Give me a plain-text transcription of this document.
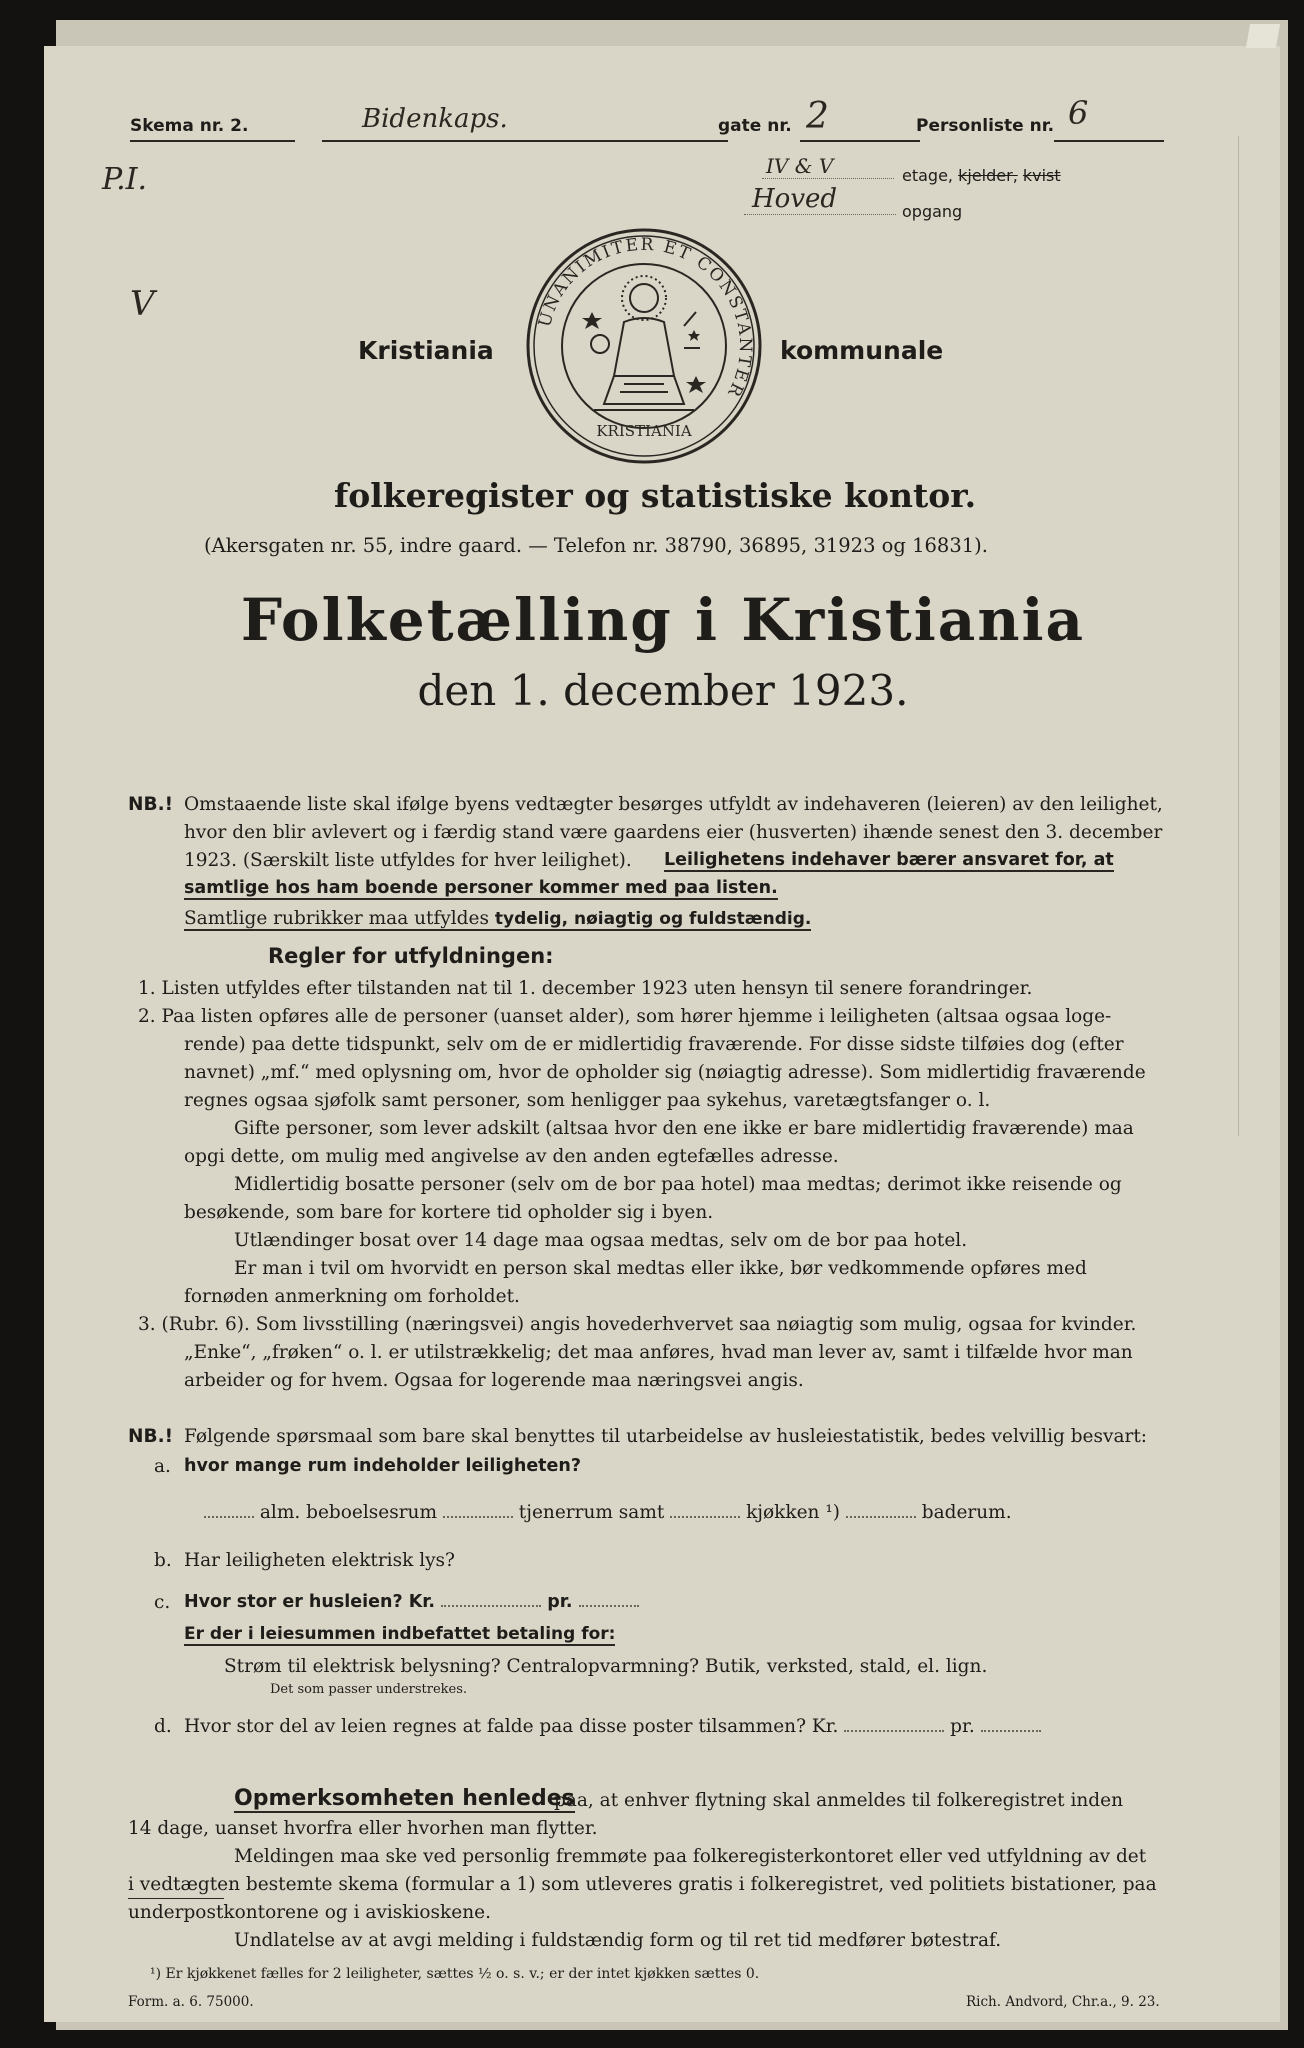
Skema nr. 2.	Bidenkaps.	gate nr. 2	Personliste nr. 6
P.I.
V
IV & V	etage, kjelder, kvist
Hoved	opgang
Kristiania	kommunale
UNANIMITER ET CONSTANTER
KRISTIANIA
folkeregister og statistiske kontor.
(Akersgaten nr. 55, indre gaard. — Telefon nr. 38790, 36895, 31923 og 16831).
Folketælling i Kristiania
den 1. december 1923.
NB.! Omstaaende liste skal ifølge byens vedtægter besørges utfyldt av indehaveren (leieren) av den leilighet,
hvor den blir avlevert og i færdig stand være gaardens eier (husverten) ihænde senest den 3. december
1923. (Særskilt liste utfyldes for hver leilighet). Leilighetens indehaver bærer ansvaret for, at
samtlige hos ham boende personer kommer med paa listen.
Samtlige rubrikker maa utfyldes tydelig, nøiagtig og fuldstændig.
Regler for utfyldningen:
1. Listen utfyldes efter tilstanden nat til 1. december 1923 uten hensyn til senere forandringer.
2. Paa listen opføres alle de personer (uanset alder), som hører hjemme i leiligheten (altsaa ogsaa loge-
rende) paa dette tidspunkt, selv om de er midlertidig fraværende. For disse sidste tilføies dog (efter
navnet) „mf.“ med oplysning om, hvor de opholder sig (nøiagtig adresse). Som midlertidig fraværende
regnes ogsaa sjøfolk samt personer, som henligger paa sykehus, varetægtsfanger o. l.
Gifte personer, som lever adskilt (altsaa hvor den ene ikke er bare midlertidig fraværende) maa
opgi dette, om mulig med angivelse av den anden egtefælles adresse.
Midlertidig bosatte personer (selv om de bor paa hotel) maa medtas; derimot ikke reisende og
besøkende, som bare for kortere tid opholder sig i byen.
Utlændinger bosat over 14 dage maa ogsaa medtas, selv om de bor paa hotel.
Er man i tvil om hvorvidt en person skal medtas eller ikke, bør vedkommende opføres med
fornøden anmerkning om forholdet.
3. (Rubr. 6). Som livsstilling (næringsvei) angis hovederhvervet saa nøiagtig som mulig, ogsaa for kvinder.
„Enke“, „frøken“ o. l. er utilstrækkelig; det maa anføres, hvad man lever av, samt i tilfælde hvor man
arbeider og for hvem. Ogsaa for logerende maa næringsvei angis.
NB.! Følgende spørsmaal som bare skal benyttes til utarbeidelse av husleiestatistik, bedes velvillig besvart:
a. hvor mange rum indeholder leiligheten?
alm. beboelsesrum	tjenerrum samt	kjøkken ¹)	baderum.
b. Har leiligheten elektrisk lys?
c. Hvor stor er husleien? Kr.	pr.
Er der i leiesummen indbefattet betaling for:
Strøm til elektrisk belysning? Centralopvarmning? Butik, verksted, stald, el. lign.
Det som passer understrekes.
d. Hvor stor del av leien regnes at falde paa disse poster tilsammen? Kr.	pr.
Opmerksomheten henledes
paa, at enhver flytning skal anmeldes til folkeregistret inden
14 dage, uanset hvorfra eller hvorhen man flytter.
Meldingen maa ske ved personlig fremmøte paa folkeregisterkontoret eller ved utfyldning av det
i vedtægten bestemte skema (formular a 1) som utleveres gratis i folkeregistret, ved politiets bistationer, paa
underpostkontorene og i aviskioskene.
Undlatelse av at avgi melding i fuldstændig form og til ret tid medfører bøtestraf.
¹) Er kjøkkenet fælles for 2 leiligheter, sættes ½ o. s. v.; er der intet kjøkken sættes 0.
Form. a. 6. 75000.	Rich. Andvord, Chr.a., 9. 23.
